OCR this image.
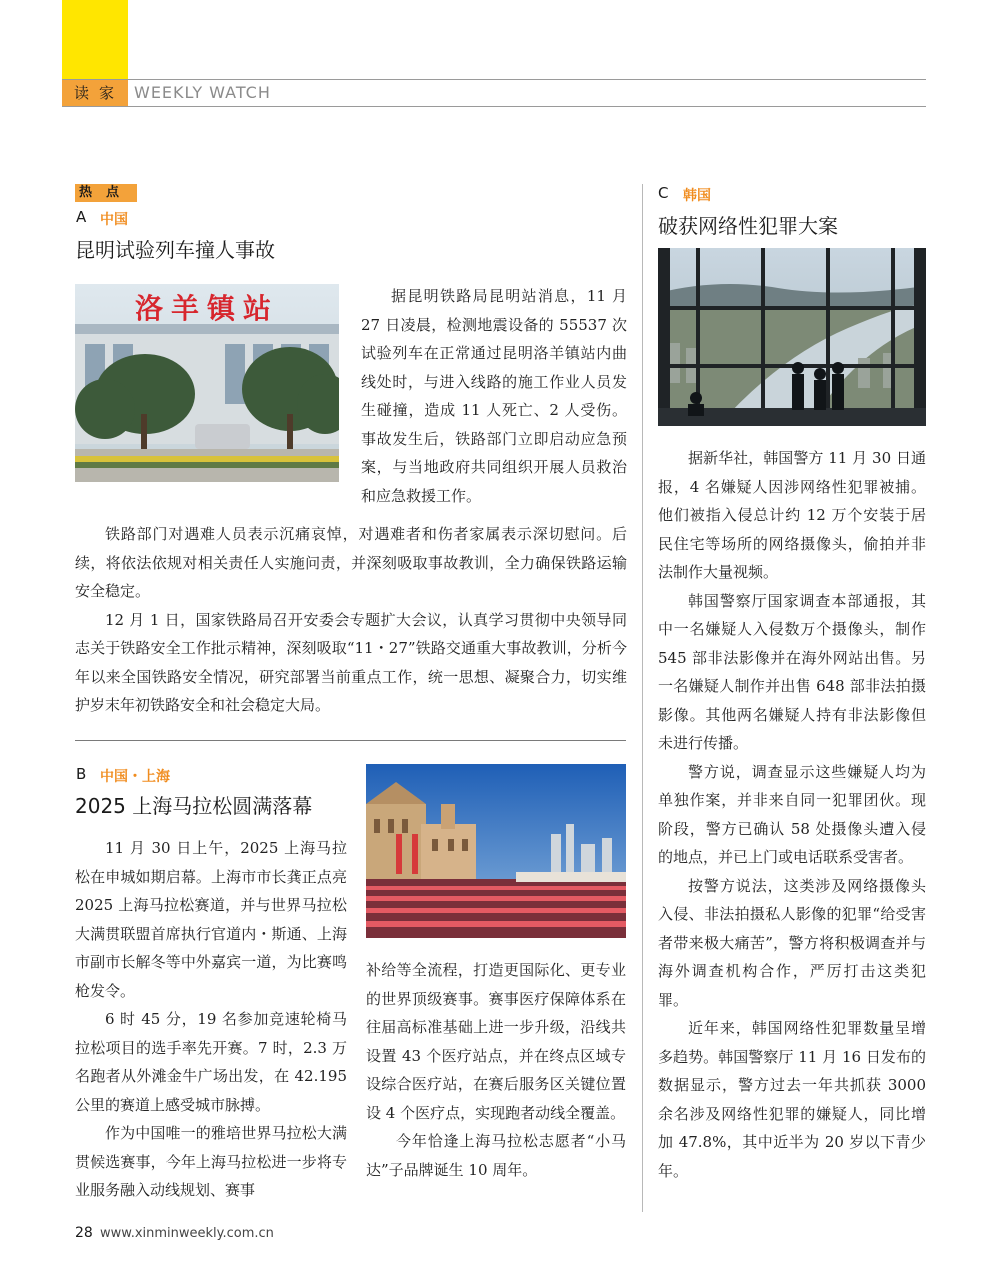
读家 WEEKLY WATCH
热点
A 中国
昆明试验列车撞人事故
洛羊镇站	据昆明铁路局昆明站消息，11 月 27 日凌晨，检测地震设备的 55537 次试验列车在正常通过昆明洛羊镇站内曲线处时，与进入线路的施工作业人员发生碰撞，造成 11 人死亡、2 人受伤。事故发生后，铁路部门立即启动应急预案，与当地政府共同组织开展人员救治和应急救援工作。

铁路部门对遇难人员表示沉痛哀悼，对遇难者和伤者家属表示深切慰问。后续，将依法依规对相关责任人实施问责，并深刻吸取事故教训，全力确保铁路运输安全稳定。

12 月 1 日，国家铁路局召开安委会专题扩大会议，认真学习贯彻中央领导同志关于铁路安全工作批示精神，深刻吸取“11・27”铁路交通重大事故教训，分析今年以来全国铁路安全情况，研究部署当前重点工作，统一思想、凝聚合力，切实维护岁末年初铁路安全和社会稳定大局。

B 中国・上海
2025 上海马拉松圆满落幕

11 月 30 日上午，2025 上海马拉松在申城如期启幕。上海市市长龚正点亮 2025 上海马拉松赛道，并与世界马拉松大满贯联盟首席执行官道内・斯通、上海市副市长解冬等中外嘉宾一道，为比赛鸣枪发令。

6 时 45 分，19 名参加竞速轮椅马拉松项目的选手率先开赛。7 时，2.3 万名跑者从外滩金牛广场出发，在 42.195 公里的赛道上感受城市脉搏。

作为中国唯一的雅培世界马拉松大满贯候选赛事，今年上海马拉松进一步将专业服务融入动线规划、赛事

补给等全流程，打造更国际化、更专业的世界顶级赛事。赛事医疗保障体系在往届高标准基础上进一步升级，沿线共设置 43 个医疗站点，并在终点区域专设综合医疗站，在赛后服务区关键位置设 4 个医疗点，实现跑者动线全覆盖。

今年恰逢上海马拉松志愿者“小马达”子品牌诞生 10 周年。

C 韩国
破获网络性犯罪大案

据新华社，韩国警方 11 月 30 日通报，4 名嫌疑人因涉网络性犯罪被捕。他们被指入侵总计约 12 万个安装于居民住宅等场所的网络摄像头，偷拍并非法制作大量视频。

韩国警察厅国家调查本部通报，其中一名嫌疑人入侵数万个摄像头，制作 545 部非法影像并在海外网站出售。另一名嫌疑人制作并出售 648 部非法拍摄影像。其他两名嫌疑人持有非法影像但未进行传播。

警方说，调查显示这些嫌疑人均为单独作案，并非来自同一犯罪团伙。现阶段，警方已确认 58 处摄像头遭入侵的地点，并已上门或电话联系受害者。

按警方说法，这类涉及网络摄像头入侵、非法拍摄私人影像的犯罪“给受害者带来极大痛苦”，警方将积极调查并与海外调查机构合作，严厉打击这类犯罪。

近年来，韩国网络性犯罪数量呈增多趋势。韩国警察厅 11 月 16 日发布的数据显示，警方过去一年共抓获 3000 余名涉及网络性犯罪的嫌疑人，同比增加 47.8%，其中近半为 20 岁以下青少年。

28 www.xinminweekly.com.cn
